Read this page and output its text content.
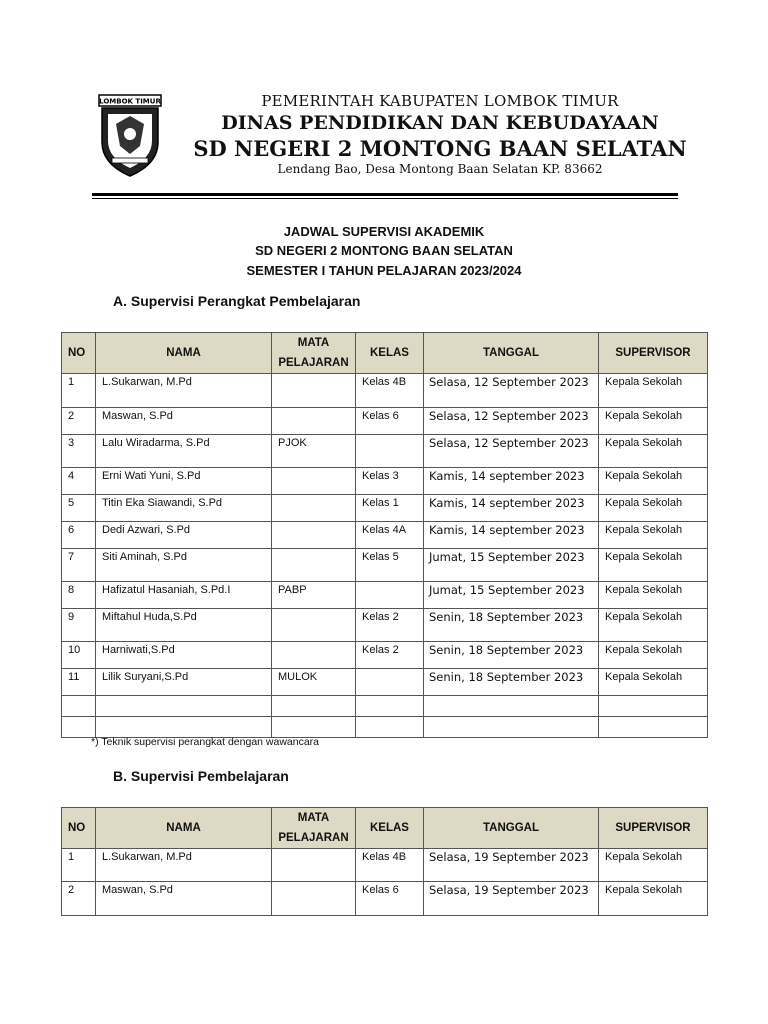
LOMBOK TIMUR	PEMERINTAH KABUPATEN LOMBOK TIMUR
DINAS PENDIDIKAN DAN KEBUDAYAAN
SD NEGERI 2 MONTONG BAAN SELATAN
Lendang Bao, Desa Montong Baan Selatan KP. 83662
JADWAL SUPERVISI AKADEMIK
SD NEGERI 2 MONTONG BAAN SELATAN
SEMESTER I TAHUN PELAJARAN 2023/2024
A. Supervisi Perangkat Pembelajaran
NO	NAMA	MATA
PELAJARAN	KELAS	TANGGAL	SUPERVISOR
1	L.Sukarwan, M.Pd		Kelas 4B	Selasa, 12 September 2023	Kepala Sekolah
2	Maswan, S.Pd		Kelas 6	Selasa, 12 September 2023	Kepala Sekolah
3	Lalu Wiradarma, S.Pd	PJOK		Selasa, 12 September 2023	Kepala Sekolah
4	Erni Wati Yuni, S.Pd		Kelas 3	Kamis, 14 september 2023	Kepala Sekolah
5	Titin Eka Siawandi, S.Pd		Kelas 1	Kamis, 14 september 2023	Kepala Sekolah
6	Dedi Azwari, S.Pd		Kelas 4A	Kamis, 14 september 2023	Kepala Sekolah
7	Siti Aminah, S.Pd		Kelas 5	Jumat, 15 September 2023	Kepala Sekolah
8	Hafizatul Hasaniah, S.Pd.I	PABP		Jumat, 15 September 2023	Kepala Sekolah
9	Miftahul Huda,S.Pd		Kelas 2	Senin, 18 September 2023	Kepala Sekolah
10	Harniwati,S.Pd		Kelas 2	Senin, 18 September 2023	Kepala Sekolah
11	Lilik Suryani,S.Pd	MULOK		Senin, 18 September 2023	Kepala Sekolah

*) Teknik supervisi perangkat dengan wawancara
B. Supervisi Pembelajaran
NO	NAMA	MATA
PELAJARAN	KELAS	TANGGAL	SUPERVISOR
1	L.Sukarwan, M.Pd		Kelas 4B	Selasa, 19 September 2023	Kepala Sekolah
2	Maswan, S.Pd		Kelas 6	Selasa, 19 September 2023	Kepala Sekolah
